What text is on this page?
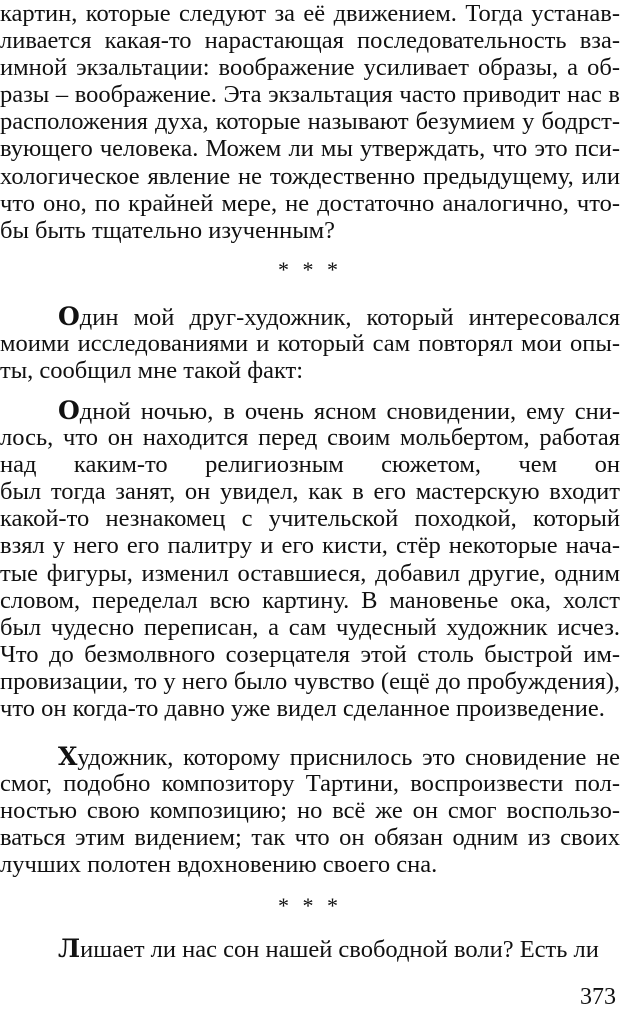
картин, которые следуют за её движением. Тогда устанав-
ливается какая-то нарастающая последовательность вза-
имной экзальтации: воображение усиливает образы, а об-
разы – воображение. Эта экзальтация часто приводит нас в
расположения духа, которые называют безумием у бодрст-
вующего человека. Можем ли мы утверждать, что это пси-
хологическое явление не тождественно предыдущему, или
что оно, по крайней мере, не достаточно аналогично, что-
бы быть тщательно изученным?
* * *
Один мой друг-художник, который интересовался
моими исследованиями и который сам повторял мои опы-
ты, сообщил мне такой факт:
Одной ночью, в очень ясном сновидении, ему сни-
лось, что он находится перед своим мольбертом, работая
над каким-то религиозным сюжетом, чем он
был тогда занят, он увидел, как в его мастерскую входит
какой-то незнакомец с учительской походкой, который
взял у него его палитру и его кисти, стёр некоторые нача-
тые фигуры, изменил оставшиеся, добавил другие, одним
словом, переделал всю картину. В мановенье ока, холст
был чудесно переписан, а сам чудесный художник исчез.
Что до безмолвного созерцателя этой столь быстрой им-
провизации, то у него было чувство (ещё до пробуждения),
что он когда-то давно уже видел сделанное произведение.
Художник, которому приснилось это сновидение не
смог, подобно композитору Тартини, воспроизвести пол-
ностью свою композицию; но всё же он смог воспользо-
ваться этим видением; так что он обязан одним из своих
лучших полотен вдохновению своего сна.
* * *
Лишает ли нас сон нашей свободной воли? Есть ли
373
